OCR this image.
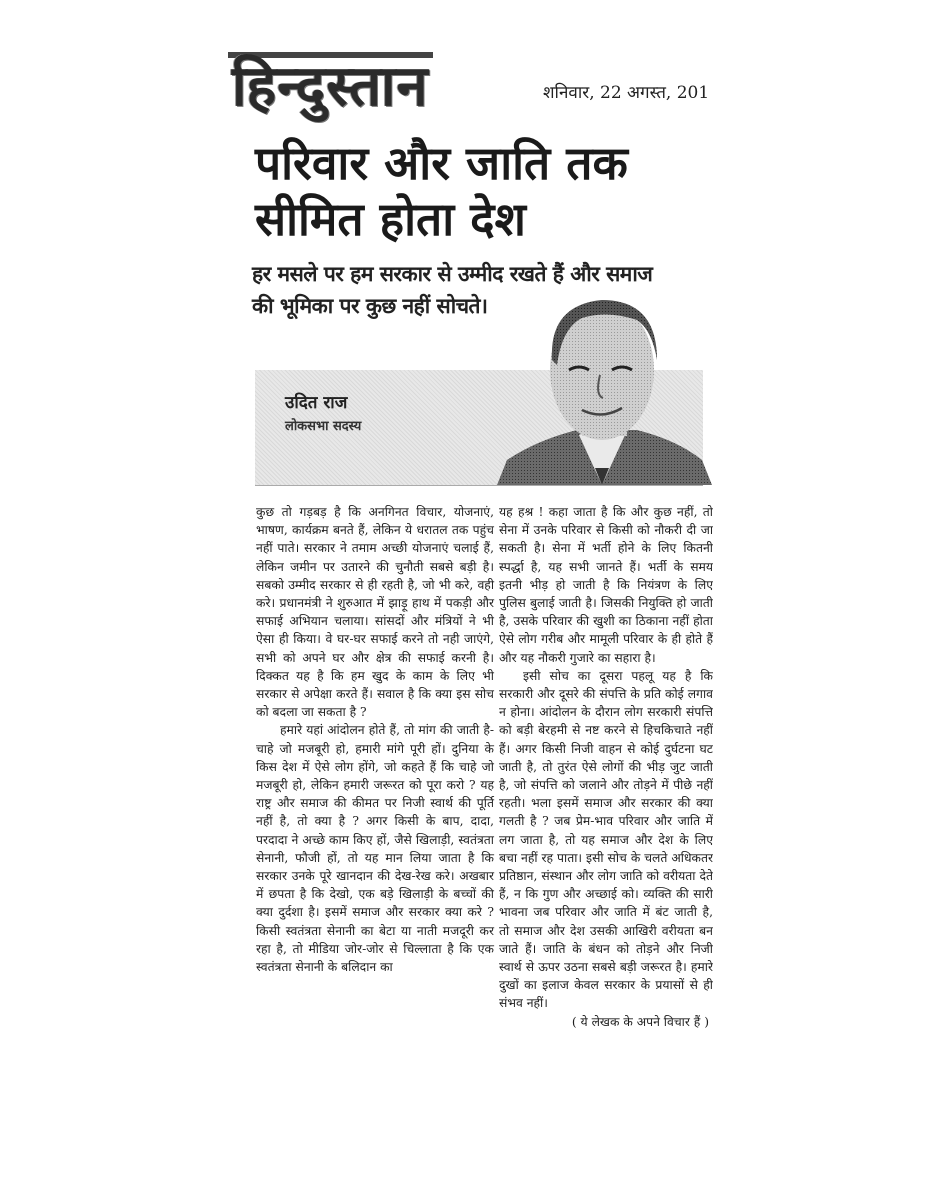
हिन्दुस्तान	शनिवार, 22 अगस्त, 201
परिवार और जाति तक
सीमित होता देश
हर मसले पर हम सरकार से उम्मीद रखते हैं और समाज की भूमिका पर कुछ नहीं सोचते।
उदित राज
लोकसभा सदस्य

कुछ तो गड़बड़ है कि अनगिनत विचार, योजनाएं, भाषण, कार्यक्रम बनते हैं, लेकिन ये धरातल तक पहुंच नहीं पाते। सरकार ने तमाम अच्छी योजनाएं चलाई हैं, लेकिन जमीन पर उतारने की चुनौती सबसे बड़ी है। सबको उम्मीद सरकार से ही रहती है, जो भी करे, वही करे। प्रधानमंत्री ने शुरुआत में झाड़ू हाथ में पकड़ी और सफाई अभियान चलाया। सांसदों और मंत्रियों ने भी ऐसा ही किया। वे घर-घर सफाई करने तो नही जाएंगे, सभी को अपने घर और क्षेत्र की सफाई करनी है। दिक्कत यह है कि हम खुद के काम के लिए भी सरकार से अपेक्षा करते हैं। सवाल है कि क्या इस सोच को बदला जा सकता है ?

हमारे यहां आंदोलन होते हैं, तो मांग की जाती है- चाहे जो मजबूरी हो, हमारी मांगे पूरी हों। दुनिया के किस देश में ऐसे लोग होंगे, जो कहते हैं कि चाहे जो मजबूरी हो, लेकिन हमारी जरूरत को पूरा करो ? यह राष्ट्र और समाज की कीमत पर निजी स्वार्थ की पूर्ति नहीं है, तो क्या है ? अगर किसी के बाप, दादा, परदादा ने अच्छे काम किए हों, जैसे खिलाड़ी, स्वतंत्रता सेनानी, फौजी हों, तो यह मान लिया जाता है कि सरकार उनके पूरे खानदान की देख-रेख करे। अखबार में छपता है कि देखो, एक बड़े खिलाड़ी के बच्चों की क्या दुर्दशा है। इसमें समाज और सरकार क्या करे ? किसी स्वतंत्रता सेनानी का बेटा या नाती मजदूरी कर रहा है, तो मीडिया जोर-जोर से चिल्लाता है कि एक स्वतंत्रता सेनानी के बलिदान का

यह हश्र ! कहा जाता है कि और कुछ नहीं, तो सेना में उनके परिवार से किसी को नौकरी दी जा सकती है। सेना में भर्ती होने के लिए कितनी स्पर्द्धा है, यह सभी जानते हैं। भर्ती के समय इतनी भीड़ हो जाती है कि नियंत्रण के लिए पुलिस बुलाई जाती है। जिसकी नियुक्ति हो जाती है, उसके परिवार की खुशी का ठिकाना नहीं होता ऐसे लोग गरीब और मामूली परिवार के ही होते हैं और यह नौकरी गुजारे का सहारा है।

इसी सोच का दूसरा पहलू यह है कि सरकारी और दूसरे की संपत्ति के प्रति कोई लगाव न होना। आंदोलन के दौरान लोग सरकारी संपत्ति को बड़ी बेरहमी से नष्ट करने से हिचकिचाते नहीं हैं। अगर किसी निजी वाहन से कोई दुर्घटना घट जाती है, तो तुरंत ऐसे लोगों की भीड़ जुट जाती है, जो संपत्ति को जलाने और तोड़ने में पीछे नहीं रहती। भला इसमें समाज और सरकार की क्या गलती है ? जब प्रेम-भाव परिवार और जाति में लग जाता है, तो यह समाज और देश के लिए बचा नहीं रह पाता। इसी सोच के चलते अधिकतर प्रतिष्ठान, संस्थान और लोग जाति को वरीयता देते हैं, न कि गुण और अच्छाई को। व्यक्ति की सारी भावना जब परिवार और जाति में बंट जाती है, तो समाज और देश उसकी आखिरी वरीयता बन जाते हैं। जाति के बंधन को तोड़ने और निजी स्वार्थ से ऊपर उठना सबसे बड़ी जरूरत है। हमारे दुखों का इलाज केवल सरकार के प्रयासों से ही संभव नहीं।

( ये लेखक के अपने विचार हैं )
